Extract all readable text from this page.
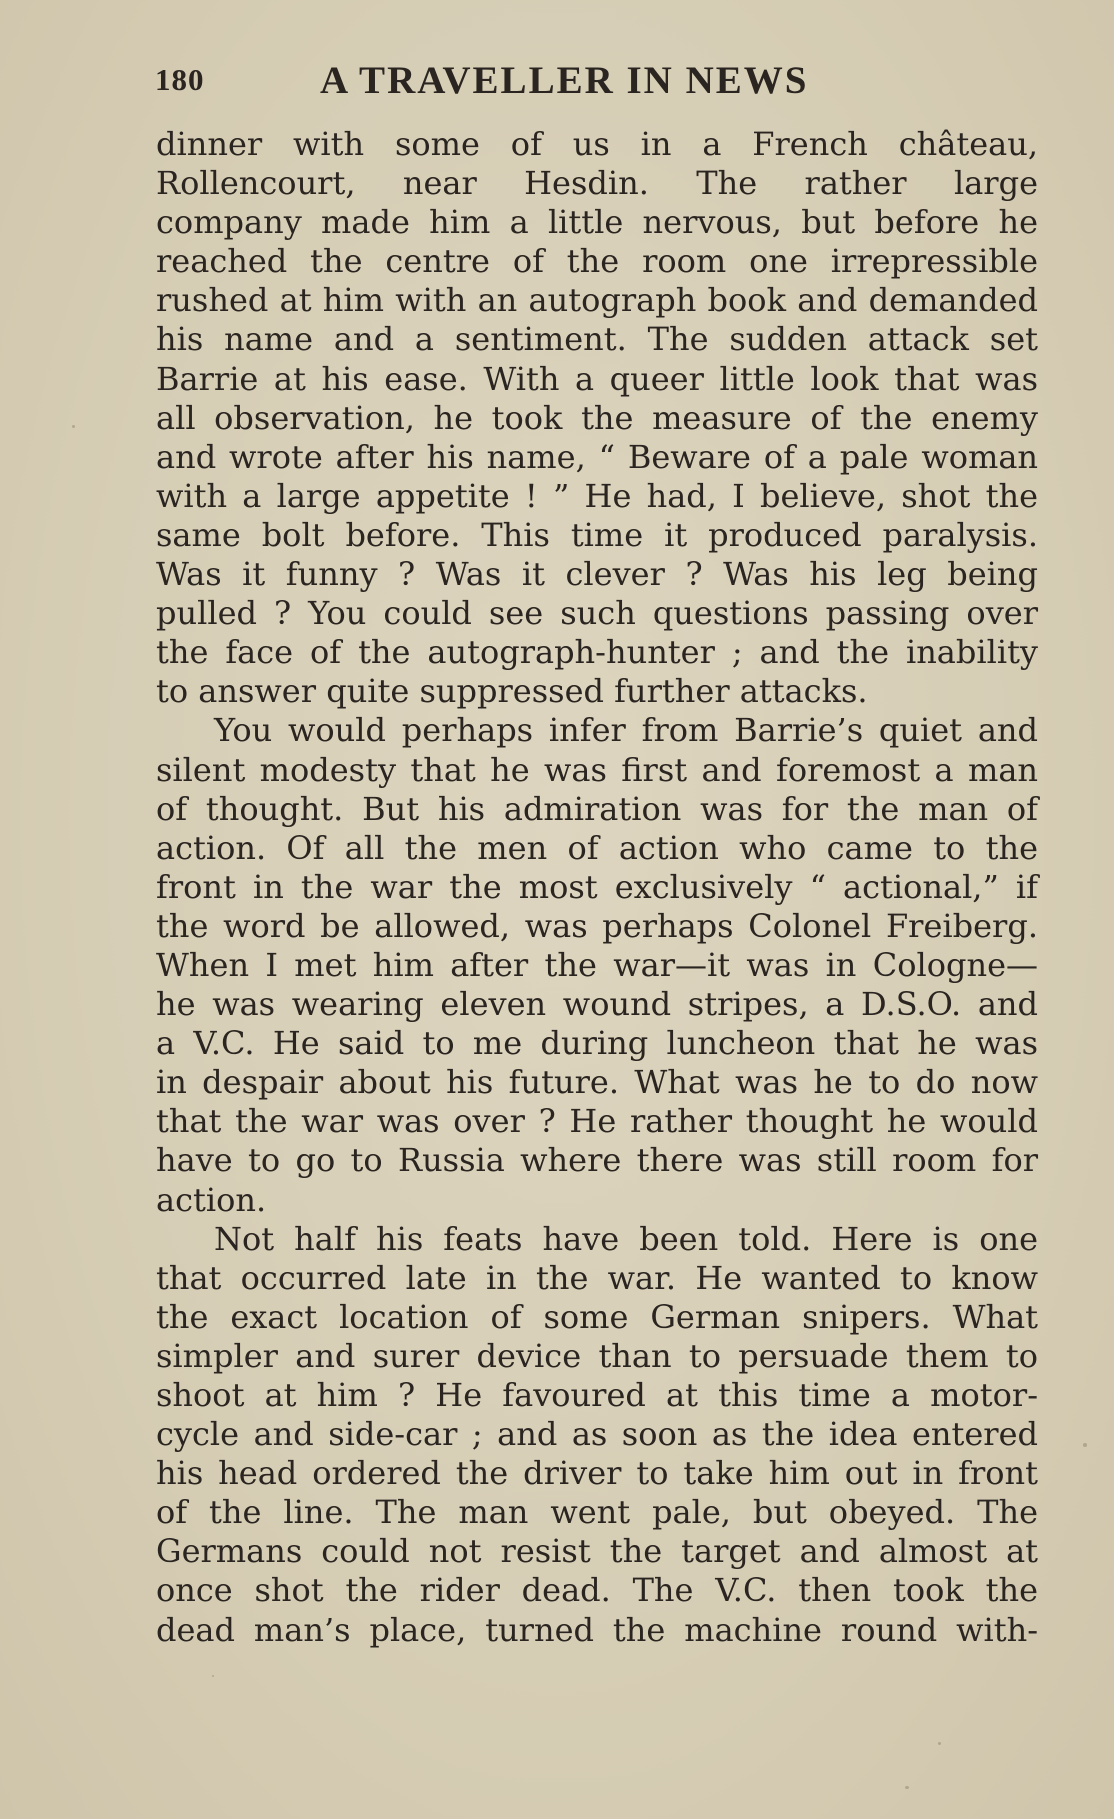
180	A TRAVELLER IN NEWS
dinner with some of us in a French château,
Rollencourt, near Hesdin. The rather large
company made him a little nervous, but before he
reached the centre of the room one irrepressible
rushed at him with an autograph book and demanded
his name and a sentiment. The sudden attack set
Barrie at his ease. With a queer little look that was
all observation, he took the measure of the enemy
and wrote after his name, “ Beware of a pale woman
with a large appetite ! ” He had, I believe, shot the
same bolt before. This time it produced paralysis.
Was it funny ? Was it clever ? Was his leg being
pulled ? You could see such questions passing over
the face of the autograph-hunter ; and the inability
to answer quite suppressed further attacks.
You would perhaps infer from Barrie’s quiet and
silent modesty that he was first and foremost a man
of thought. But his admiration was for the man of
action. Of all the men of action who came to the
front in the war the most exclusively “ actional,” if
the word be allowed, was perhaps Colonel Freiberg.
When I met him after the war—it was in Cologne—
he was wearing eleven wound stripes, a D.S.O. and
a V.C. He said to me during luncheon that he was
in despair about his future. What was he to do now
that the war was over ? He rather thought he would
have to go to Russia where there was still room for
action.
Not half his feats have been told. Here is one
that occurred late in the war. He wanted to know
the exact location of some German snipers. What
simpler and surer device than to persuade them to
shoot at him ? He favoured at this time a motor-
cycle and side-car ; and as soon as the idea entered
his head ordered the driver to take him out in front
of the line. The man went pale, but obeyed. The
Germans could not resist the target and almost at
once shot the rider dead. The V.C. then took the
dead man’s place, turned the machine round with-
